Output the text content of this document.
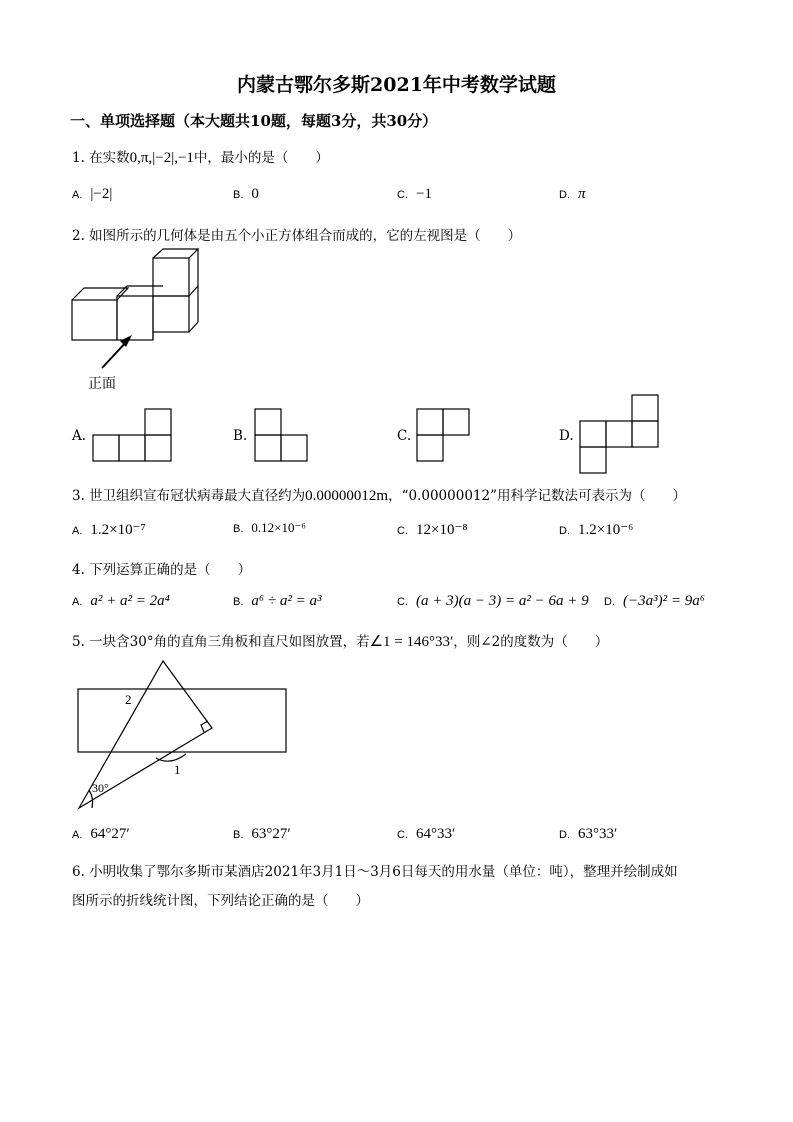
内蒙古鄂尔多斯2021年中考数学试题
一、单项选择题（本大题共10题，每题3分，共30分）
1. 在实数0,π,|−2|,−1中，最小的是（　　）
A. |−2|	B. 0	C. −1	D. π
2. 如图所示的几何体是由五个小正方体组合而成的，它的左视图是（　　）
正面
A.	B.	C.	D.
3. 世卫组织宣布冠状病毒最大直径约为0.00000012m，“0.00000012”用科学记数法可表示为（　　）
A. 1.2×10⁻⁷	B. 0.12×10⁻⁶	C. 12×10⁻⁸	D. 1.2×10⁻⁶
4. 下列运算正确的是（　　）
A. a² + a² = 2a⁴	B. a⁶ ÷ a² = a³	C. (a + 3)(a − 3) = a² − 6a + 9 D. (−3a³)² = 9a⁶
5. 一块含30°角的直角三角板和直尺如图放置，若∠1 = 146°33′，则∠2的度数为（　　）
1
2
30°
A. 64°27′	B. 63°27′	C. 64°33′	D. 63°33′
6. 小明收集了鄂尔多斯市某酒店2021年3月1日～3月6日每天的用水量（单位：吨），整理并绘制成如
图所示的折线统计图，下列结论正确的是（　　）
